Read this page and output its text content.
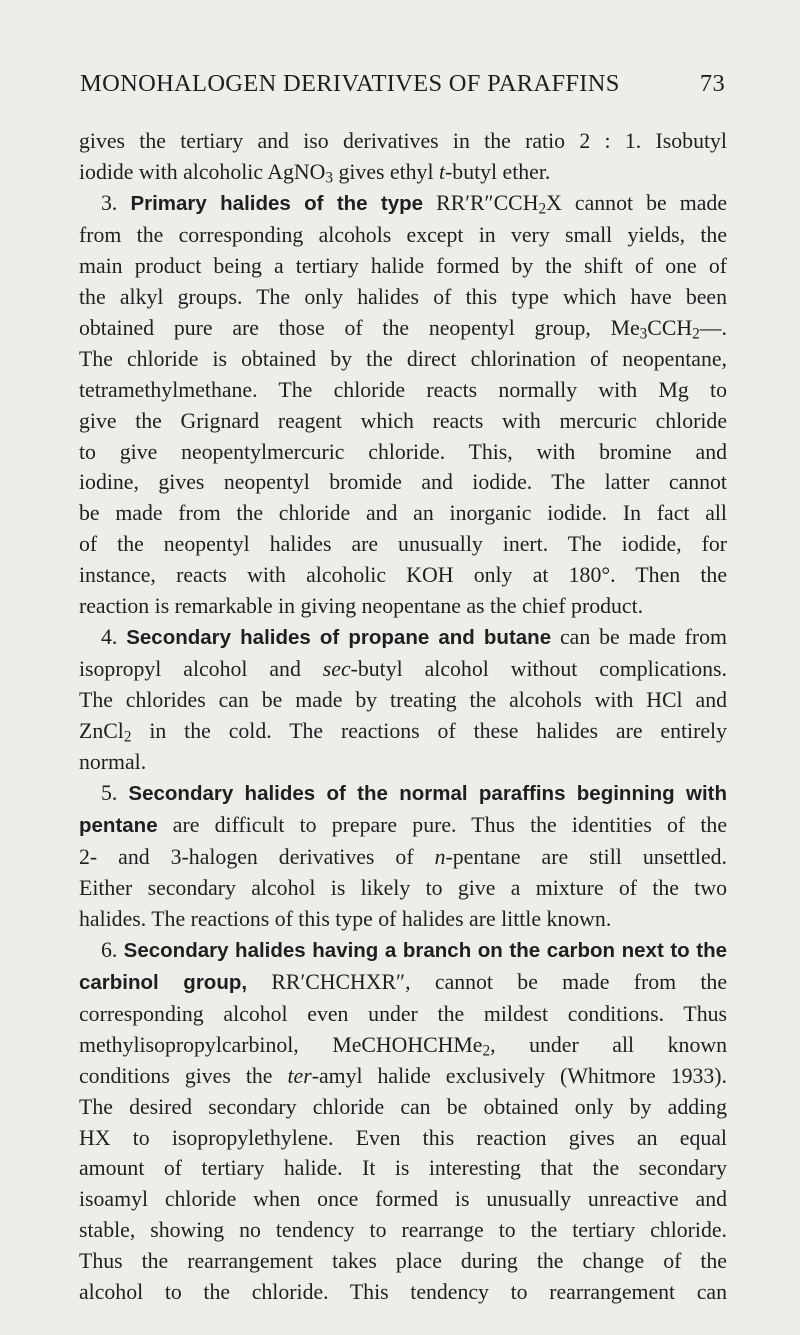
MONOHALOGEN DERIVATIVES OF PARAFFINS	73
gives the tertiary and iso derivatives in the ratio 2 : 1. Isobutyl
iodide with alcoholic AgNO$_3$ gives ethyl t-butyl ether.
3. Primary halides of the type $RR'R''CCH_2X$ cannot be made
from the corresponding alcohols except in very small yields, the
main product being a tertiary halide formed by the shift of one of
the alkyl groups. The only halides of this type which have been
obtained pure are those of the neopentyl group, $Me_3CCH_2—$.
The chloride is obtained by the direct chlorination of neopentane,
tetramethylmethane. The chloride reacts normally with Mg to
give the Grignard reagent which reacts with mercuric chloride
to give neopentylmercuric chloride. This, with bromine and
iodine, gives neopentyl bromide and iodide. The latter cannot
be made from the chloride and an inorganic iodide. In fact all
of the neopentyl halides are unusually inert. The iodide, for
instance, reacts with alcoholic KOH only at 180°. Then the
reaction is remarkable in giving neopentane as the chief product.
4. Secondary halides of propane and butane can be made from
isopropyl alcohol and sec-butyl alcohol without complications.
The chlorides can be made by treating the alcohols with HCl and
ZnCl$_2$ in the cold. The reactions of these halides are entirely
normal.
5. Secondary halides of the normal paraffins beginning with
pentane are difficult to prepare pure. Thus the identities of the
2- and 3-halogen derivatives of n-pentane are still unsettled.
Either secondary alcohol is likely to give a mixture of the two
halides. The reactions of this type of halides are little known.
6. Secondary halides having a branch on the carbon next to the
carbinol group, RR′CHCHXR″, cannot be made from the
corresponding alcohol even under the mildest conditions. Thus
methylisopropylcarbinol, MeCHOHCHMe$_2$, under all known
conditions gives the ter-amyl halide exclusively (Whitmore 1933).
The desired secondary chloride can be obtained only by adding
HX to isopropylethylene. Even this reaction gives an equal
amount of tertiary halide. It is interesting that the secondary
isoamyl chloride when once formed is unusually unreactive and
stable, showing no tendency to rearrange to the tertiary chloride.
Thus the rearrangement takes place during the change of the
alcohol to the chloride. This tendency to rearrangement can
